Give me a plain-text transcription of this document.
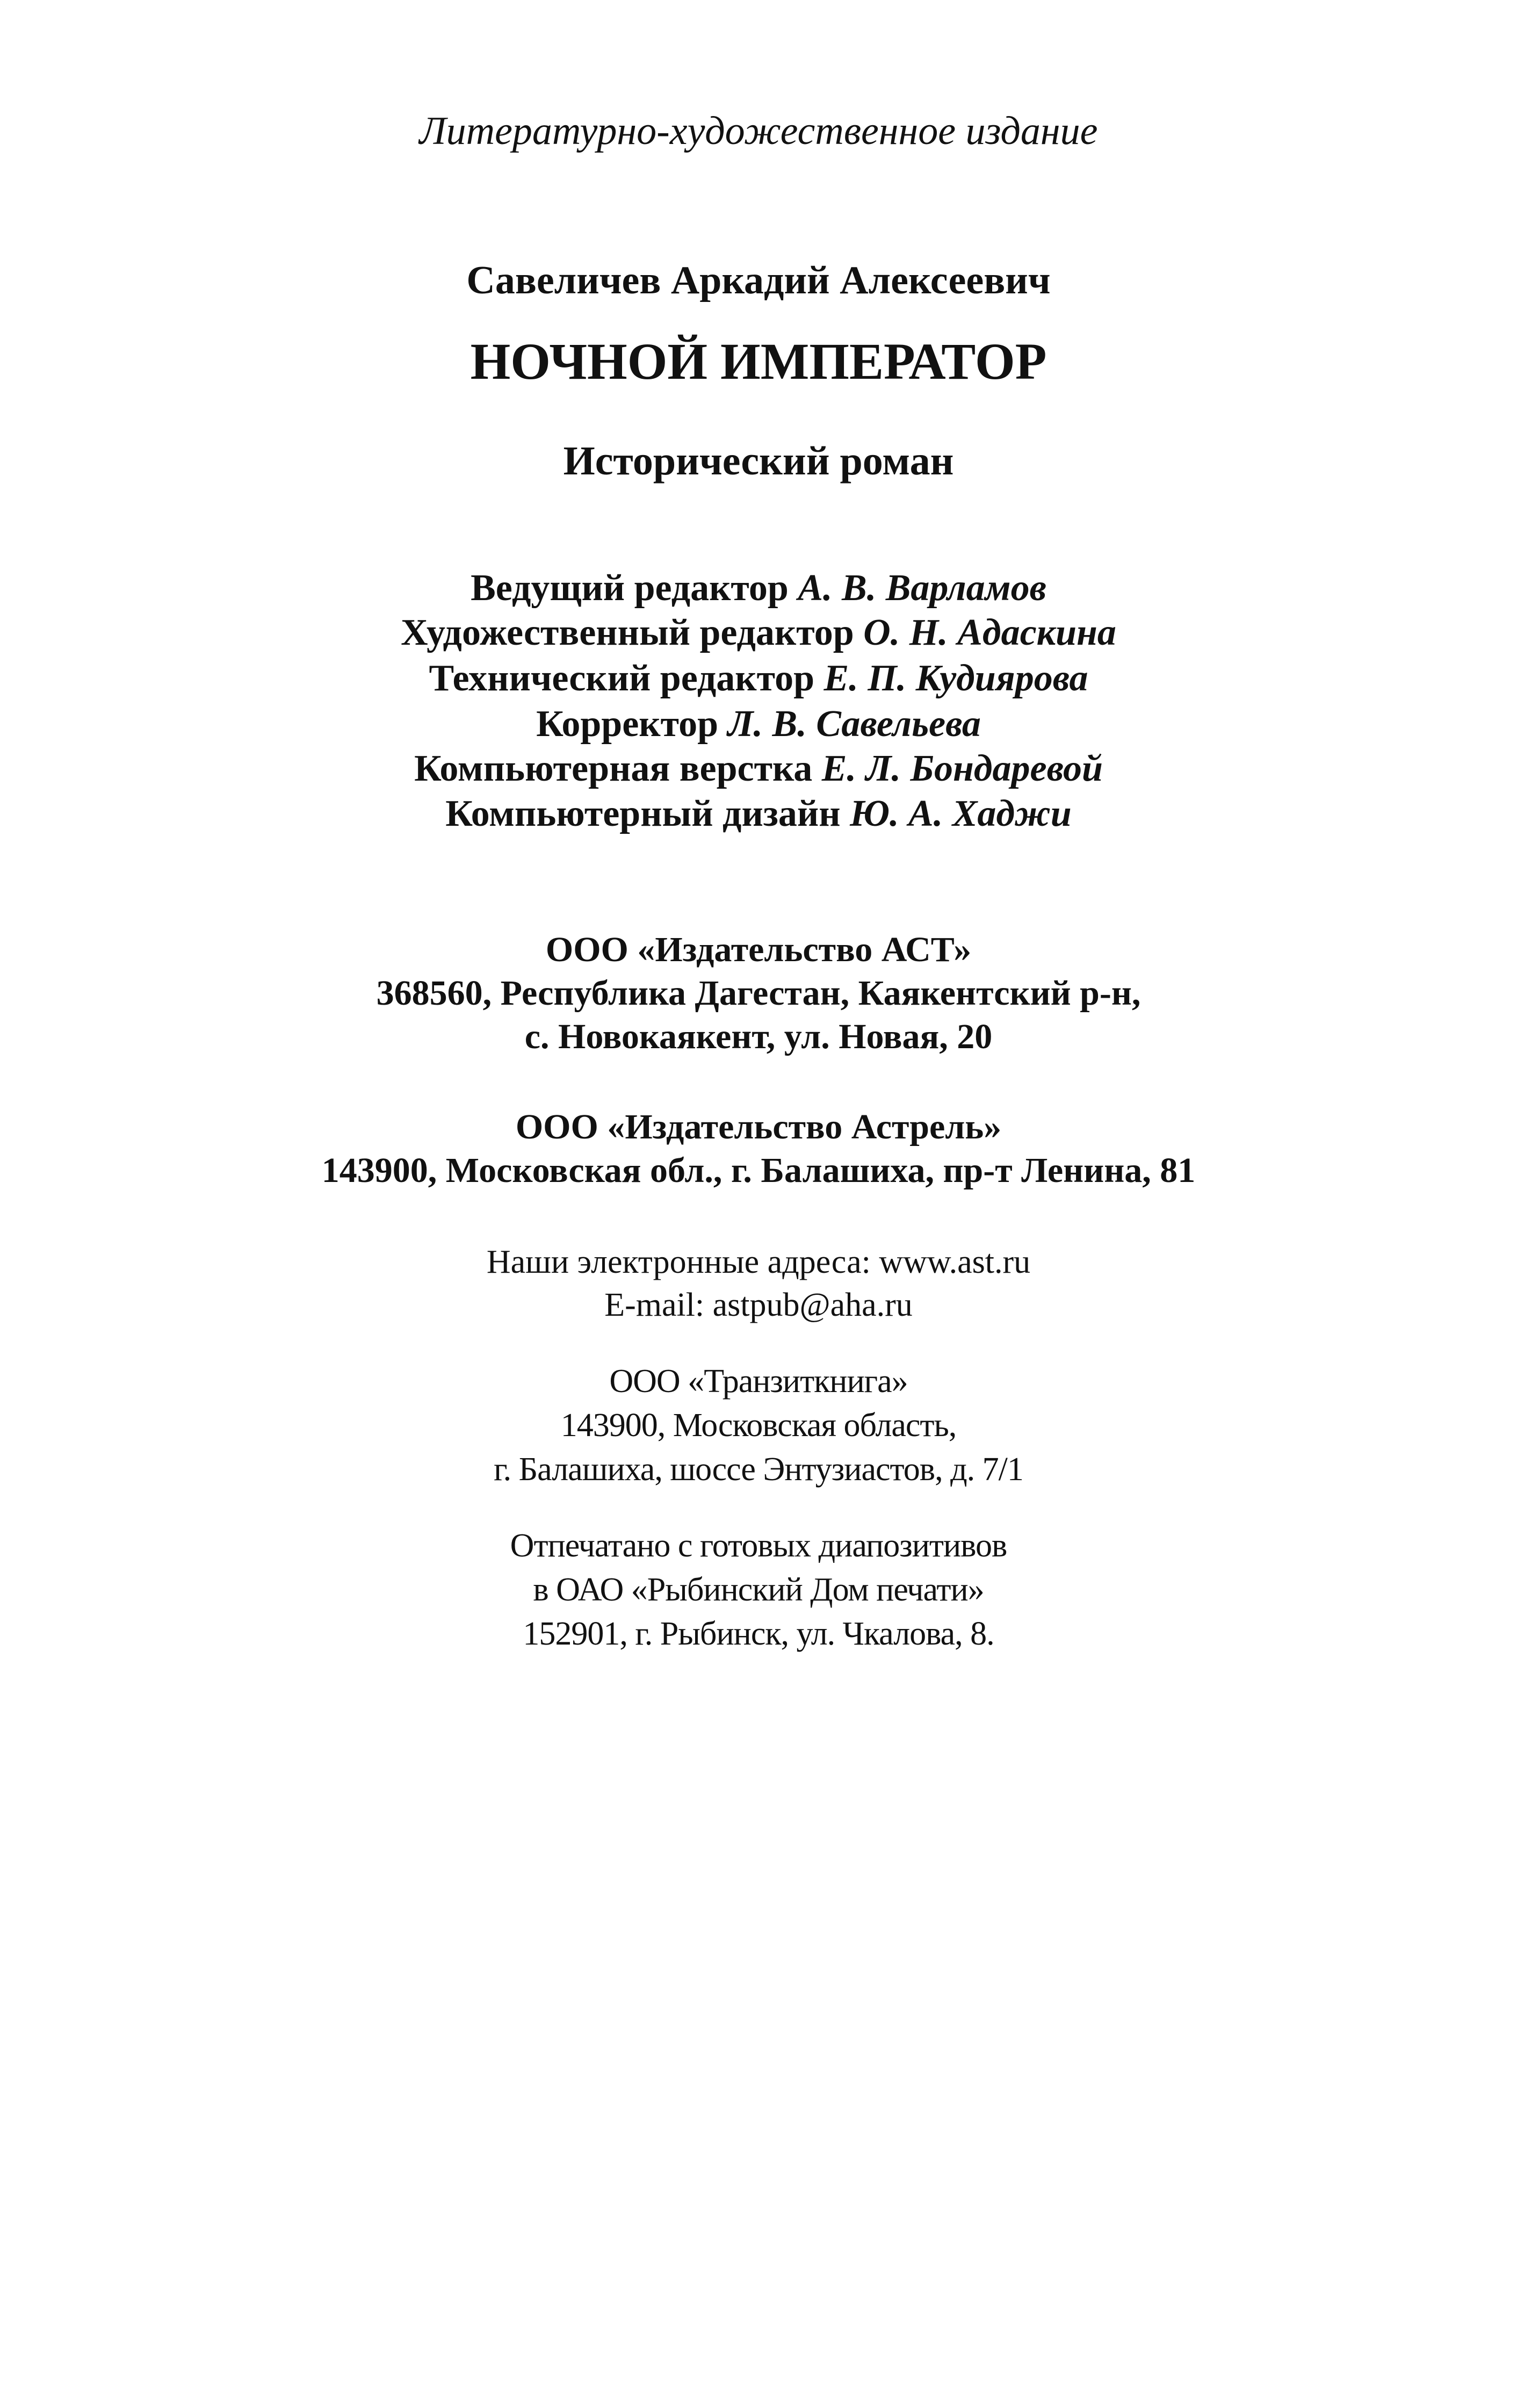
Литературно-художественное издание
Савеличев Аркадий Алексеевич
НОЧНОЙ ИМПЕРАТОР
Исторический роман
Ведущий редактор А. В. Варламов
Художественный редактор О. Н. Адаскина
Технический редактор Е. П. Кудиярова
Корректор Л. В. Савельева
Компьютерная верстка Е. Л. Бондаревой
Компьютерный дизайн Ю. А. Хаджи
ООО «Издательство АСТ»
368560, Республика Дагестан, Каякентский р-н,
с. Новокаякент, ул. Новая, 20
ООО «Издательство Астрель»
143900, Московская обл., г. Балашиха, пр-т Ленина, 81
Наши электронные адреса: www.ast.ru
E-mail: astpub@aha.ru
ООО «Транзиткнига»
143900, Московская область,
г. Балашиха, шоссе Энтузиастов, д. 7/1
Отпечатано с готовых диапозитивов
в ОАО «Рыбинский Дом печати»
152901, г. Рыбинск, ул. Чкалова, 8.
